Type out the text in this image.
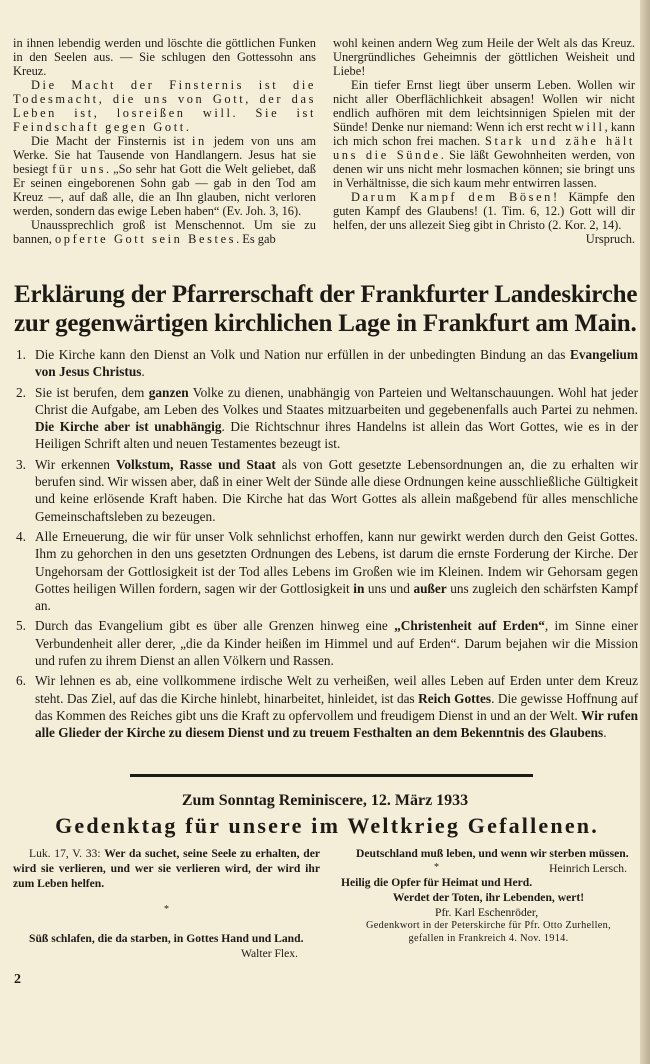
in ihnen lebendig werden und löschte die göttlichen Funken in den Seelen aus. — Sie schlugen den Gottessohn ans Kreuz.

Die Macht der Finsternis ist die Todesmacht, die uns von Gott, der das Leben ist, losreißen will. Sie ist Feindschaft gegen Gott.

Die Macht der Finsternis ist in jedem von uns am Werke. Sie hat Tausende von Handlangern. Jesus hat sie besiegt für uns. „So sehr hat Gott die Welt geliebet, daß Er seinen eingeborenen Sohn gab — gab in den Tod am Kreuz —, auf daß alle, die an Ihn glauben, nicht verloren werden, sondern das ewige Leben haben“ (Ev. Joh. 3, 16).

Unaussprechlich groß ist Menschennot. Um sie zu bannen, opferte Gott sein Bestes. Es gab

wohl keinen andern Weg zum Heile der Welt als das Kreuz. Unergründliches Geheimnis der göttlichen Weisheit und Liebe!

Ein tiefer Ernst liegt über unserm Leben. Wollen wir nicht aller Oberflächlichkeit absagen! Wollen wir nicht endlich aufhören mit dem leichtsinnigen Spielen mit der Sünde! Denke nur niemand: Wenn ich erst recht will, kann ich mich schon frei machen. Stark und zähe hält uns die Sünde. Sie läßt Gewohnheiten werden, von denen wir uns nicht mehr losmachen können; sie bringt uns in Verhältnisse, die sich kaum mehr entwirren lassen.

Darum Kampf dem Bösen! Kämpfe den guten Kampf des Glaubens! (1. Tim. 6, 12.) Gott will dir helfen, der uns allezeit Sieg gibt in Christo (2. Kor. 2, 14).
Urspruch.

Erklärung der Pfarrerschaft der Frankfurter Landeskirche zur gegenwärtigen kirchlichen Lage in Frankfurt am Main.
1. Die Kirche kann den Dienst an Volk und Nation nur erfüllen in der unbedingten Bindung an das Evangelium von Jesus Christus.
2. Sie ist berufen, dem ganzen Volke zu dienen, unabhängig von Parteien und Weltanschauungen. Wohl hat jeder Christ die Aufgabe, am Leben des Volkes und Staates mitzuarbeiten und gegebenenfalls auch Partei zu nehmen. Die Kirche aber ist unabhängig. Die Richtschnur ihres Handelns ist allein das Wort Gottes, wie es in der Heiligen Schrift alten und neuen Testamentes bezeugt ist.
3. Wir erkennen Volkstum, Rasse und Staat als von Gott gesetzte Lebensordnungen an, die zu erhalten wir berufen sind. Wir wissen aber, daß in einer Welt der Sünde alle diese Ordnungen keine ausschließliche Gültigkeit und keine erlösende Kraft haben. Die Kirche hat das Wort Gottes als allein maßgebend für alles menschliche Gemeinschaftsleben zu bezeugen.
4. Alle Erneuerung, die wir für unser Volk sehnlichst erhoffen, kann nur gewirkt werden durch den Geist Gottes. Ihm zu gehorchen in den uns gesetzten Ordnungen des Lebens, ist darum die ernste Forderung der Kirche. Der Ungehorsam der Gottlosigkeit ist der Tod alles Lebens im Großen wie im Kleinen. Indem wir Gehorsam gegen Gottes heiligen Willen fordern, sagen wir der Gottlosigkeit in uns und außer uns zugleich den schärfsten Kampf an.
5. Durch das Evangelium gibt es über alle Grenzen hinweg eine „Christenheit auf Erden“, im Sinne einer Verbundenheit aller derer, „die da Kinder heißen im Himmel und auf Erden“. Darum bejahen wir die Mission und rufen zu ihrem Dienst an allen Völkern und Rassen.
6. Wir lehnen es ab, eine vollkommene irdische Welt zu verheißen, weil alles Leben auf Erden unter dem Kreuz steht. Das Ziel, auf das die Kirche hinlebt, hinarbeitet, hinleidet, ist das Reich Gottes. Die gewisse Hoffnung auf das Kommen des Reiches gibt uns die Kraft zu opfervollem und freudigem Dienst in und an der Welt. Wir rufen alle Glieder der Kirche zu diesem Dienst und zu treuem Festhalten an dem Bekenntnis des Glaubens.
Zum Sonntag Reminiscere, 12. März 1933
Gedenktag für unsere im Weltkrieg Gefallenen.

Luk. 17, V. 33: Wer da suchet, seine Seele zu erhalten, der wird sie verlieren, und wer sie verlieren wird, der wird ihr zum Leben helfen.

*

Süß schlafen, die da starben, in Gottes Hand und Land.
Walter Flex.

Deutschland muß leben, und wenn wir sterben müssen.
Heinrich Lersch.

*

Heilig die Opfer für Heimat und Herd.

Werdet der Toten, ihr Lebenden, wert!

Pfr. Karl Eschenröder,

Gedenkwort in der Peterskirche für Pfr. Otto Zurhellen,

gefallen in Frankreich 4. Nov. 1914.

2
